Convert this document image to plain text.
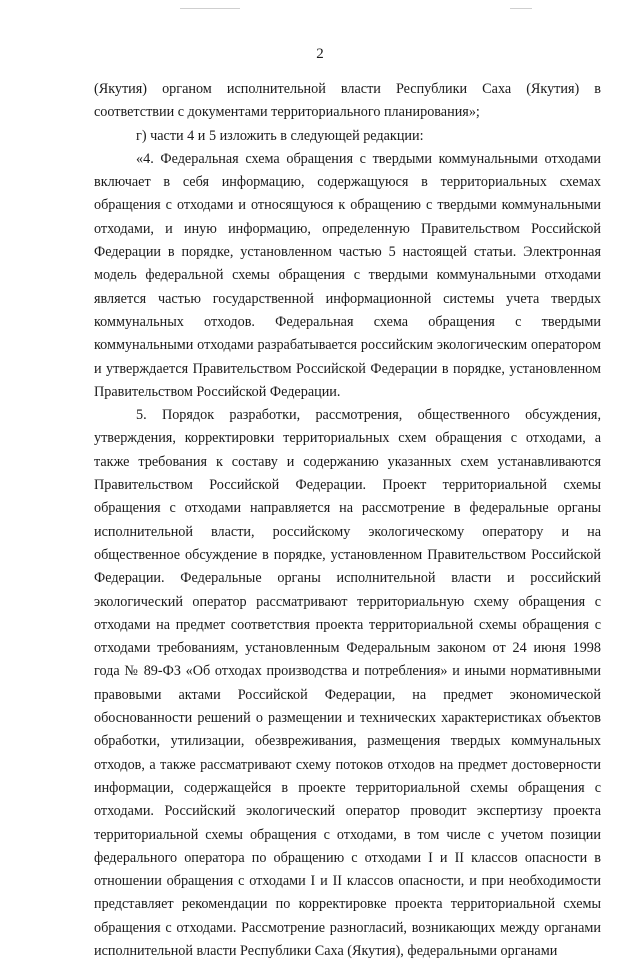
2

(Якутия) органом исполнительной власти Республики Саха (Якутия) в соответствии с документами территориального планирования»;

г) части 4 и 5 изложить в следующей редакции:

«4. Федеральная схема обращения с твердыми коммунальными отходами включает в себя информацию, содержащуюся в территориальных схемах обращения с отходами и относящуюся к обращению с твердыми коммунальными отходами, и иную информацию, определенную Правительством Российской Федерации в порядке, установленном частью 5 настоящей статьи. Электронная модель федеральной схемы обращения с твердыми коммунальными отходами является частью государственной информационной системы учета твердых коммунальных отходов. Федеральная схема обращения с твердыми коммунальными отходами разрабатывается российским экологическим оператором и утверждается Правительством Российской Федерации в порядке, установленном Правительством Российской Федерации.

5. Порядок разработки, рассмотрения, общественного обсуждения, утверждения, корректировки территориальных схем обращения с отходами, а также требования к составу и содержанию указанных схем устанавливаются Правительством Российской Федерации. Проект территориальной схемы обращения с отходами направляется на рассмотрение в федеральные органы исполнительной власти, российскому экологическому оператору и на общественное обсуждение в порядке, установленном Правительством Российской Федерации. Федеральные органы исполнительной власти и российский экологический оператор рассматривают территориальную схему обращения с отходами на предмет соответствия проекта территориальной схемы обращения с отходами требованиям, установленным Федеральным законом от 24 июня 1998 года № 89-ФЗ «Об отходах производства и потребления» и иными нормативными правовыми актами Российской Федерации, на предмет экономической обоснованности решений о размещении и технических характеристиках объектов обработки, утилизации, обезвреживания, размещения твердых коммунальных отходов, а также рассматривают схему потоков отходов на предмет достоверности информации, содержащейся в проекте территориальной схемы обращения с отходами. Российский экологический оператор проводит экспертизу проекта территориальной схемы обращения с отходами, в том числе с учетом позиции федерального оператора по обращению с отходами I и II классов опасности в отношении обращения с отходами I и II классов опасности, и при необходимости представляет рекомендации по корректировке проекта территориальной схемы обращения с отходами. Рассмотрение разногласий, возникающих между органами исполнительной власти Республики Саха (Якутия), федеральными органами
